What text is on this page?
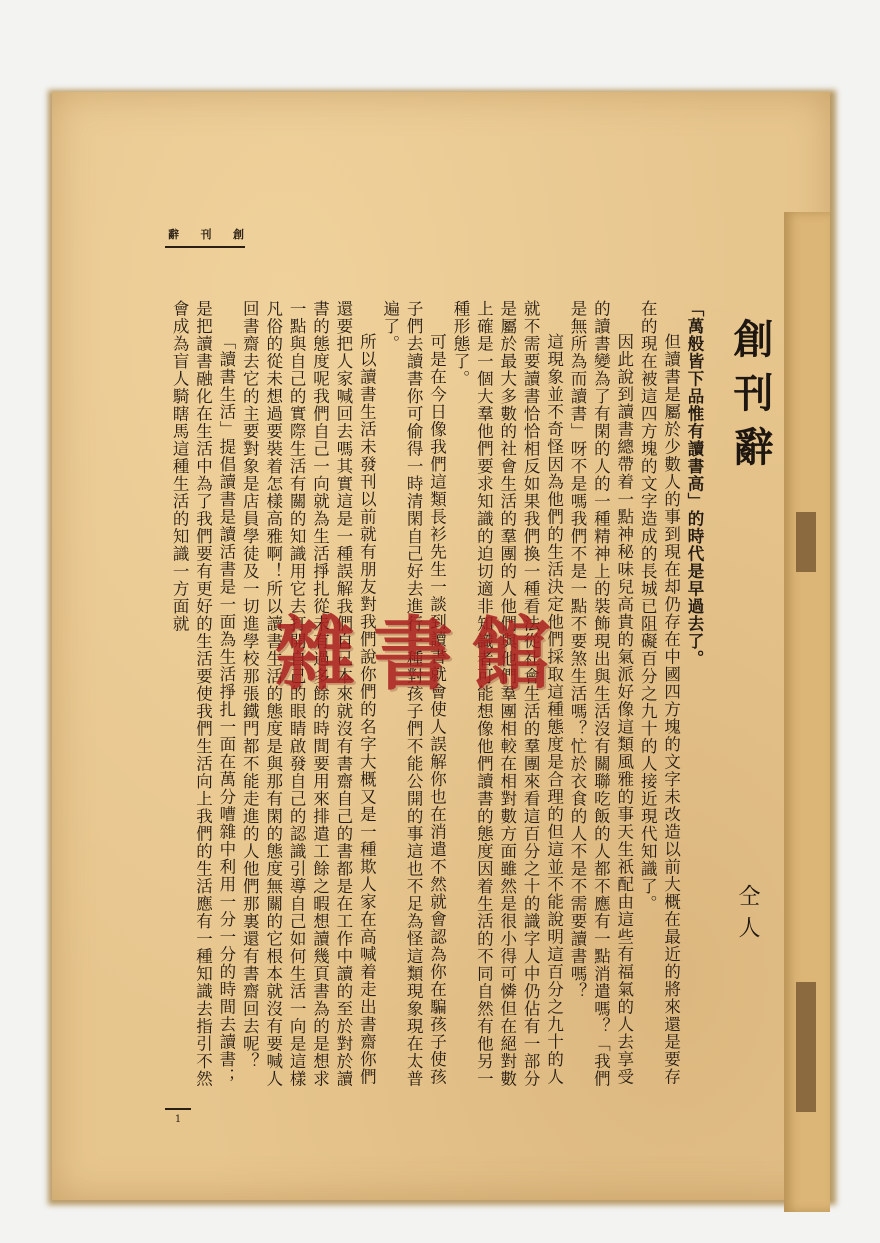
辭 刊 創
創刊辭
仝人

「萬般皆下品惟有讀書高」的時代是早過去了。

但讀書是屬於少數人的事到現在却仍存在中國四方塊的文字未改造以前大概在最近的將來還是要存在的現在被這四方塊的文字造成的長城已阻礙百分之九十的人接近現代知識了。

因此說到讀書總帶着一點神秘味兒高貴的氣派好像這類風雅的事天生祇配由這些有福氣的人去享受的讀書變為了有閑的人的一種精神上的裝飾現出與生活沒有關聯吃飯的人都不應有一點消遣嗎？「我們是無所為而讀書」呀不是嗎我們不是一點不要煞生活嗎？忙於衣食的人不是不需要讀書嗎？

這現象並不奇怪因為他們的生活決定他們採取這種態度是合理的但這並不能說明這百分之九十的人就不需要讀書恰恰相反如果我們換一種看法從社會生活的羣團來看這百分之十的識字人中仍佔有一部分是屬於最大多數的社會生活的羣團的人他們與他們羣團相較在相對數方面雖然是很小得可憐但在絕對數上確是一個大羣他們要求知識的迫切適非知識者可能想像他們讀書的態度因着生活的不同自然有他另一種形態了。

可是在今日像我們這類長衫先生一談到讀書就會使人誤解你也在消遣不然就會認為你在騙孩子使孩子們去讀書你可偷得一時清閑自己好去進行一種對孩子們不能公開的事這也不足為怪這類現象現在太普遍了。

所以讀書生活未發刊以前就有朋友對我們說你們的名字大概又是一種欺人家在高喊着走出書齋你們還要把人家喊回去嗎其實這是一種誤解我們自己本來就沒有書齋自己的書都是在工作中讀的至於對於讀書的態度呢我們自己一向就為生活掙扎從未有過多餘的時間要用來排遣工餘之暇想讀幾頁書為的是想求一點與自己的實際生活有關的知識用它去打開自己的眼睛啟發自己的認識引導自己如何生活一向是這樣凡俗的從未想過要裝着怎樣高雅啊！所以讀書生活的態度是與那有閑的態度無關的它根本就沒有要喊人回書齋去它的主要對象是店員學徒及一切進學校那張鐵門都不能走進的人他們那裏還有書齋回去呢？

「讀書生活」提倡讀書是讀活書是一面為生活掙扎一面在萬分嘈雜中利用一分一分的時間去讀書；是把讀書融化在生活中為了我們要有更好的生活要使我們生活向上我們的生活應有一種知識去指引不然會成為盲人騎瞎馬這種生活的知識一方面就

雜書館
1
